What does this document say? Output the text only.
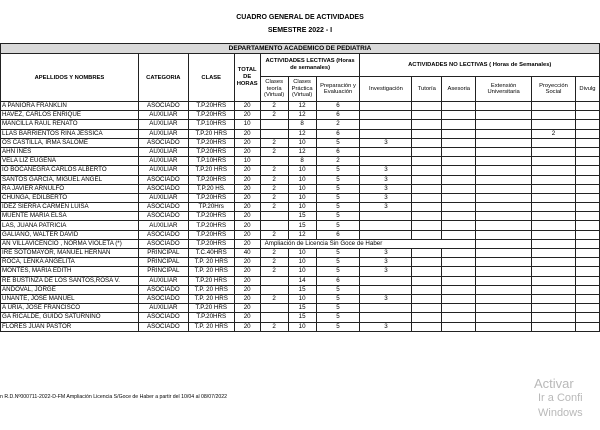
CUADRO GENERAL DE ACTIVIDADES
SEMESTRE 2022 - I
DEPARTAMENTO ACADEMICO DE PEDIATRIA												
APELLIDOS Y NOMBRES	CATEGORIA	CLASE	TOTAL DE HORAS	ACTIVIDADES LECTIVAS (Horas de semanales)			ACTIVIDADES NO LECTIVAS ( Horas de Semanales)					
				Clases teoría (Virtual)	Clases Práctica (Virtual)	Preparación y Evaluación	Investigación	Tutoría	Asesoria	Extensión Universitaria	Proyección Social	Divulg
A PANIORA FRANKLIN	ASOCIADO	T.P.20HRS	20	2	12	6						
HAVEZ, CARLOS ENRIQUE	AUXILIAR	T.P.20HRS	20	2	12	6						
MANCILLA RAUL RENATO	AUXILIAR	T.P.10HRS	10		8	2						
LLAS BARRIENTOS RINA JESSICA	AUXILIAR	T.P.20 HRS	20		12	6					2	
OS CASTILLA, IRMA SALOME	ASOCIADO	T.P.20HRS	20	2	10	5	3					
AHN INES	AUXILIAR	T.P.20HRS	20	2	12	6						
VELA LIZ EUGENA	AUXILIAR	T.P.10HRS	10		8	2						
IO BOCANEGRA CARLOS ALBERTO	AUXILIAR	T.P.20 HRS	20	2	10	5	3					
SANTOS GARCIA, MIGUEL ANGEL	ASOCIADO	T.P.20HRS	20	2	10	5	3					
RA JAVIER ARNULFO	ASOCIADO	T.P.20 HS.	20	2	10	5	3					
CHUNGA, EDILBERTO	AUXILIAR	T.P.20HRS	20	2	10	5	3					
IDEZ SIERRA CARMEN LUISA	ASOCIADO	TP.20Hrs	20	2	10	5	3					
MUENTE MARIA ELSA	ASOCIADO	T.P.20HRS	20		15	5						
LAS, JUANA PATRICIA	AUXILIAR	T.P.20HRS	20		15	5						
GALIANO, WALTER DAVID	ASOCIADO	T.P.20HRS	20	2	12	6						
AN VILLAVICENCIO , NORMA VIOLETA (*)	ASOCIADO	T.P.20HRS	20	Ampliación de Licencia Sin Goce de Haber								
IRE SOTOMAYOR, MANUEL HERNAN	PRINCIPAL	T.C.40HRS	40	2	10	5	3					
ROCA, LENKA ANGELITA	PRINCIPAL	T.P. 20 HRS	20	2	10	5	3					
MONTES, MARIA EDITH	PRINCIPAL	T.P. 20 HRS	20	2	10	5	3					
RE BUSTINZA DE LOS SANTOS,ROSA V.	AUXILIAR	T.P.20 HRS	20		14	6						
ANDOVAL, JORGE	ASOCIADO	T.P. 20 HRS	20		15	5						
UÑANTE, JOSE MANUEL	ASOCIADO	T.P. 20 HRS	20	2	10	5	3					
A URIA, JOSE FRANCISCO	AUXILIAR	T.P.20 HRS	20		15	5						
GA RICALDE, GUIDO SATURNINO	ASOCIADO	T.P.20HRS	20		15	5						
FLORES JUAN PASTOR	ASOCIADO	T.P. 20 HRS	20	2	10	5	3					
n R.D.Nº000711-2022-D-FM Ampliación Licencia S/Goce de Haber a partir del 10/04 al 08/07/2022
Activar
Ir a Confi
Windows
